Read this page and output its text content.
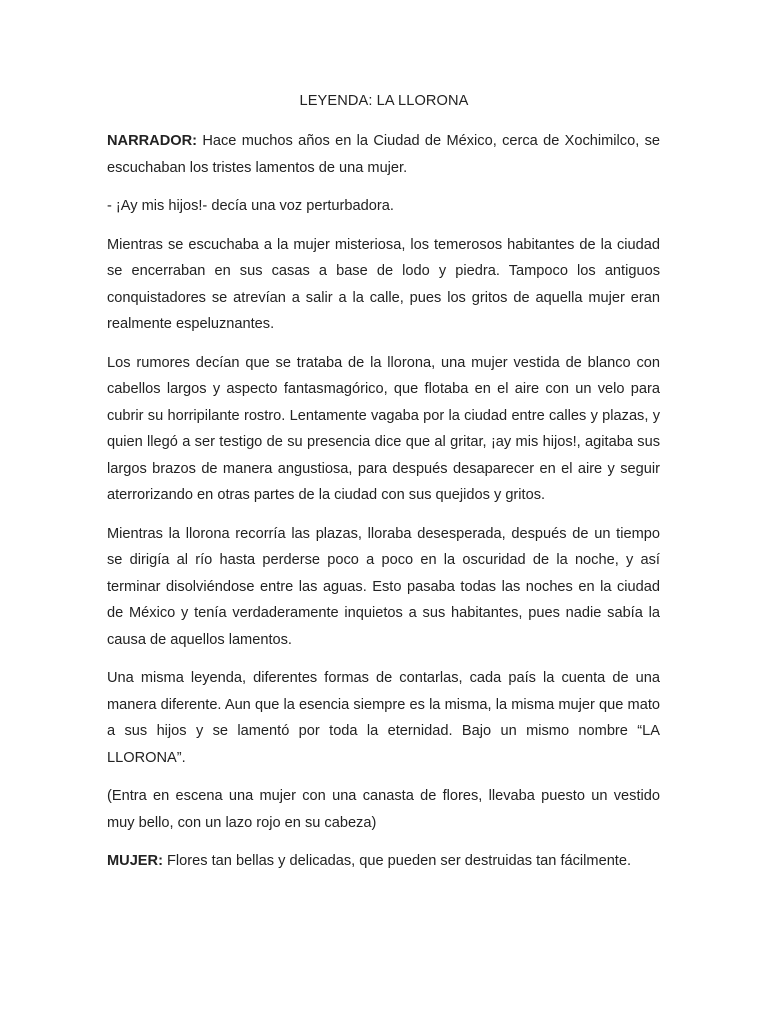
LEYENDA: LA LLORONA

NARRADOR: Hace muchos años en la Ciudad de México, cerca de Xochimilco, se escuchaban los tristes lamentos de una mujer.

- ¡Ay mis hijos!- decía una voz perturbadora.

Mientras se escuchaba a la mujer misteriosa, los temerosos habitantes de la ciudad se encerraban en sus casas a base de lodo y piedra. Tampoco los antiguos conquistadores se atrevían a salir a la calle, pues los gritos de aquella mujer eran realmente espeluznantes.

Los rumores decían que se trataba de la llorona, una mujer vestida de blanco con cabellos largos y aspecto fantasmagórico, que flotaba en el aire con un velo para cubrir su horripilante rostro. Lentamente vagaba por la ciudad entre calles y plazas, y quien llegó a ser testigo de su presencia dice que al gritar, ¡ay mis hijos!, agitaba sus largos brazos de manera angustiosa, para después desaparecer en el aire y seguir aterrorizando en otras partes de la ciudad con sus quejidos y gritos.

Mientras la llorona recorría las plazas, lloraba desesperada, después de un tiempo se dirigía al río hasta perderse poco a poco en la oscuridad de la noche, y así terminar disolviéndose entre las aguas. Esto pasaba todas las noches en la ciudad de México y tenía verdaderamente inquietos a sus habitantes, pues nadie sabía la causa de aquellos lamentos.

Una misma leyenda, diferentes formas de contarlas, cada país la cuenta de una manera diferente. Aun que la esencia siempre es la misma, la misma mujer que mato a sus hijos y se lamentó por toda la eternidad. Bajo un mismo nombre “LA LLORONA”.

(Entra en escena una mujer con una canasta de flores, llevaba puesto un vestido muy bello, con un lazo rojo en su cabeza)

MUJER: Flores tan bellas y delicadas, que pueden ser destruidas tan fácilmente.
